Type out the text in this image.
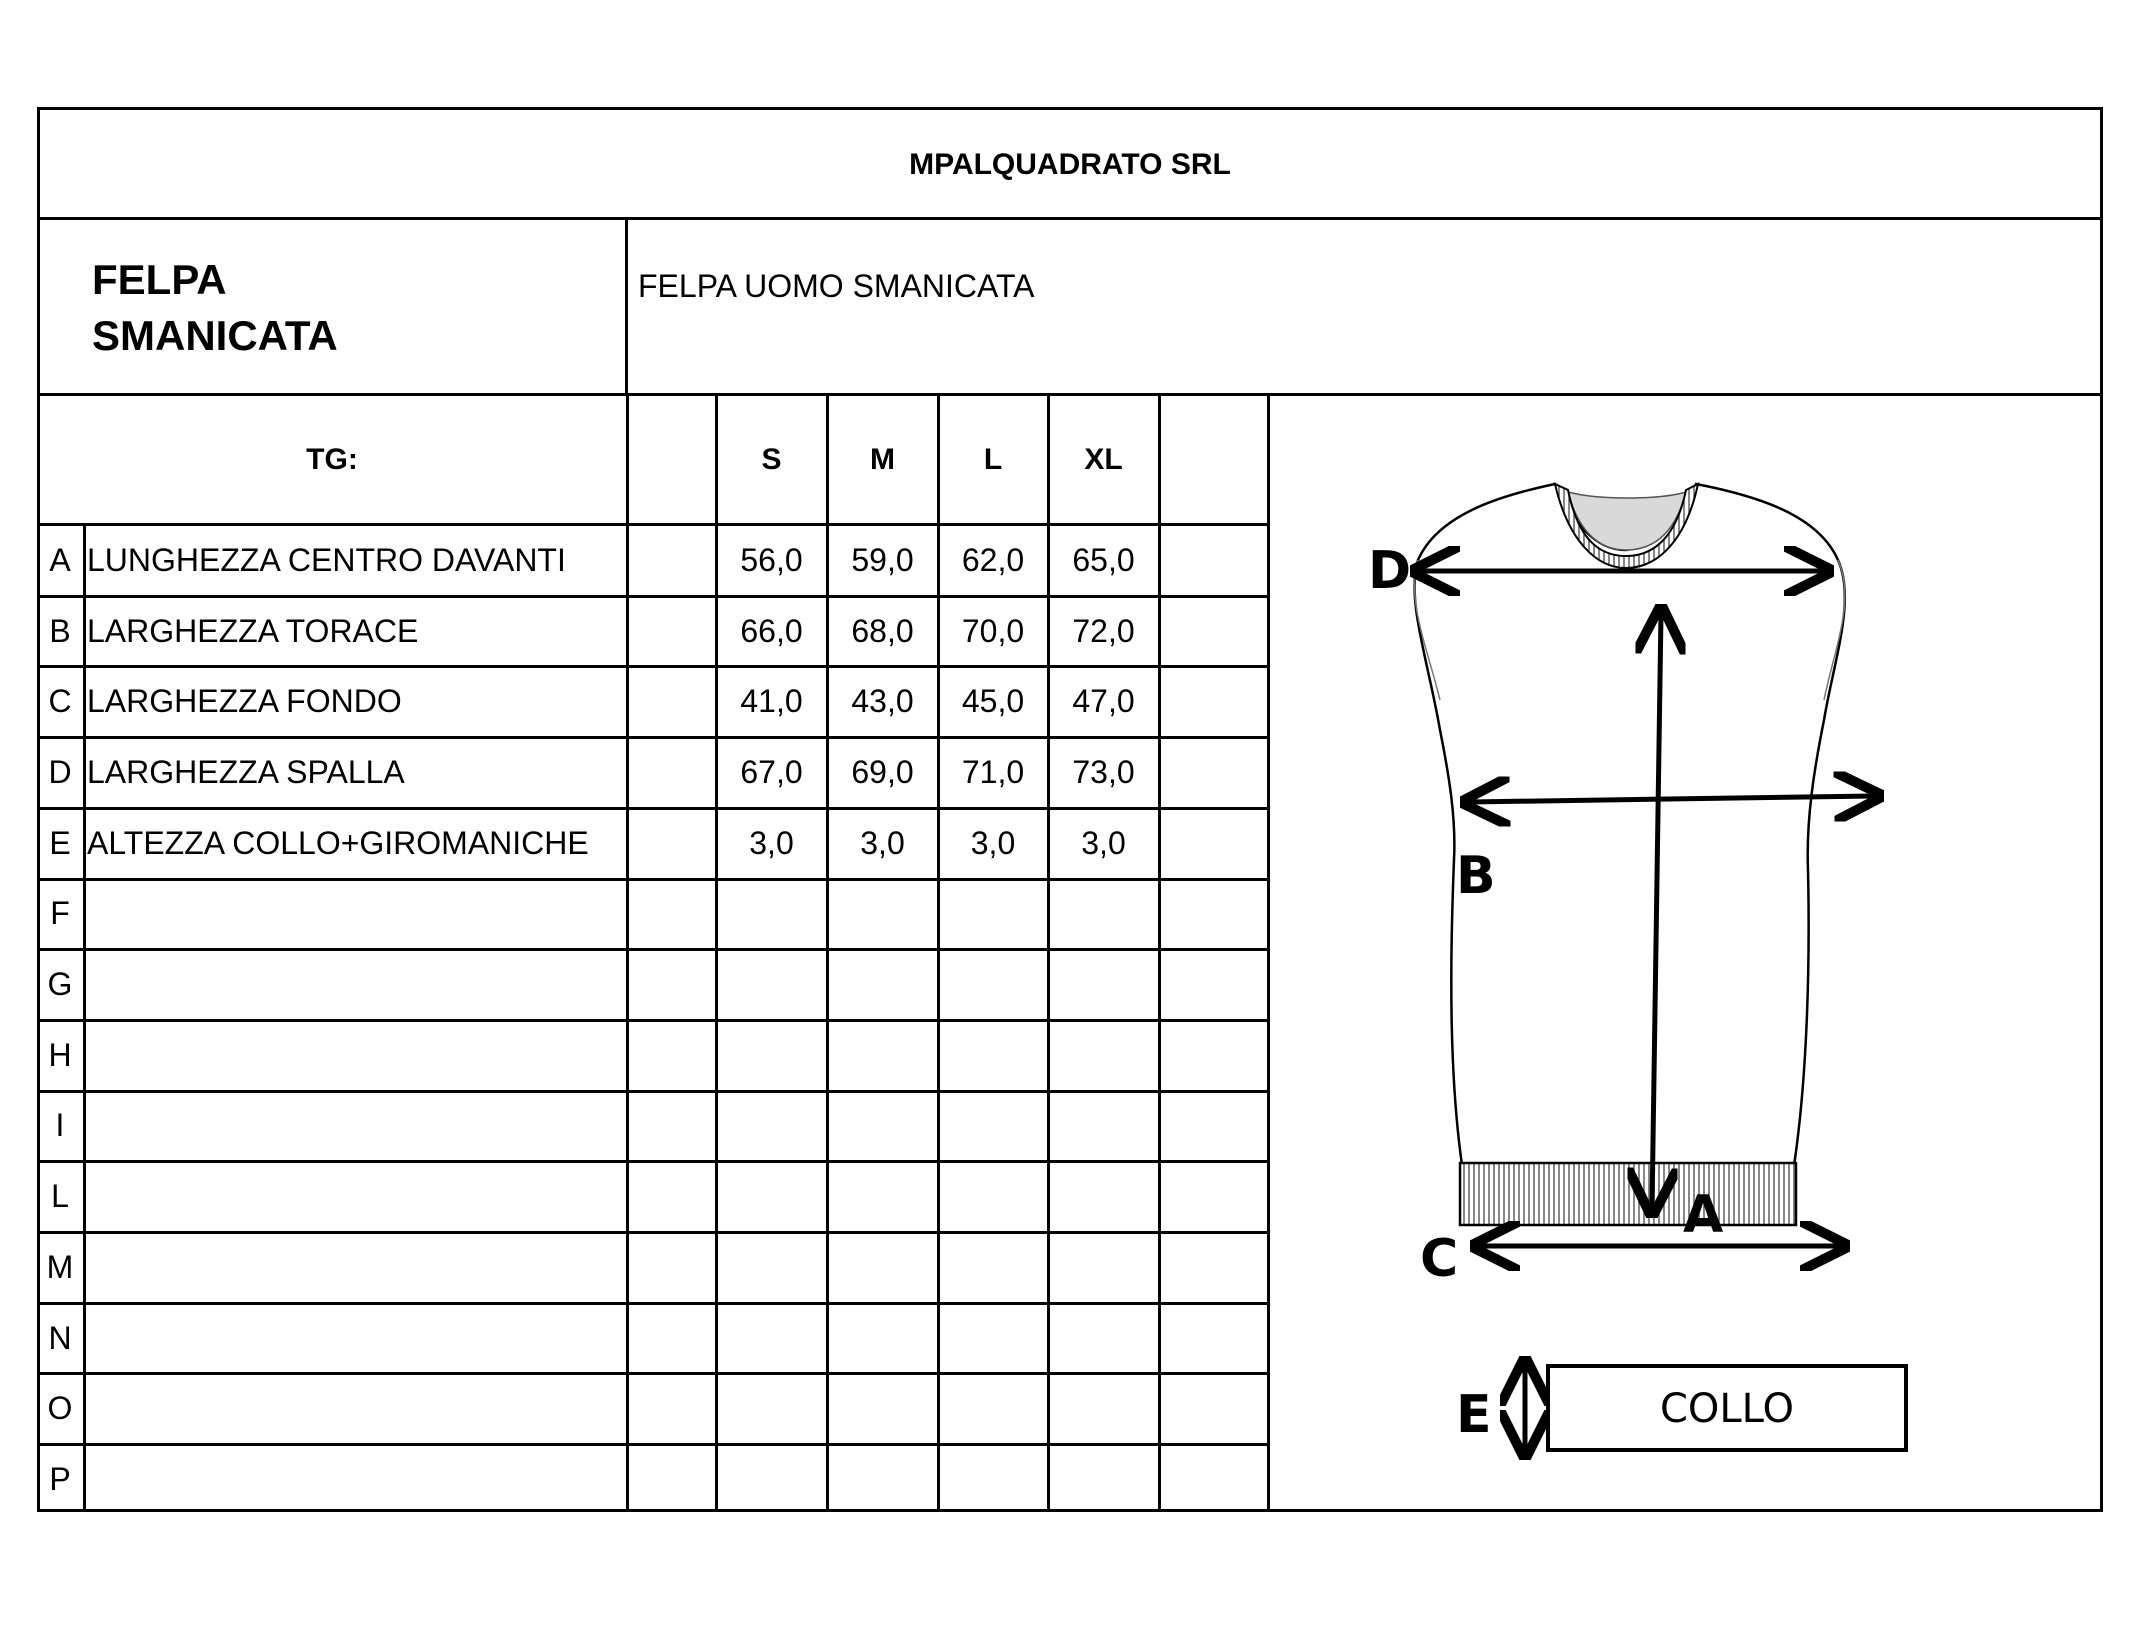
MPALQUADRATO SRL
FELPA
SMANICATA
FELPA UOMO SMANICATA
TG:	S	M	L	XL
A LUNGHEZZA CENTRO DAVANTI	56,0	59,0	62,0	65,0
B LARGHEZZA TORACE	66,0	68,0	70,0	72,0
C LARGHEZZA FONDO	41,0	43,0	45,0	47,0
D LARGHEZZA SPALLA	67,0	69,0	71,0	73,0
E ALTEZZA COLLO+GIROMANICHE	3,0	3,0	3,0	3,0
F
G
H
I
L
M
N
O
P
D
A
B
C
E	COLLO
